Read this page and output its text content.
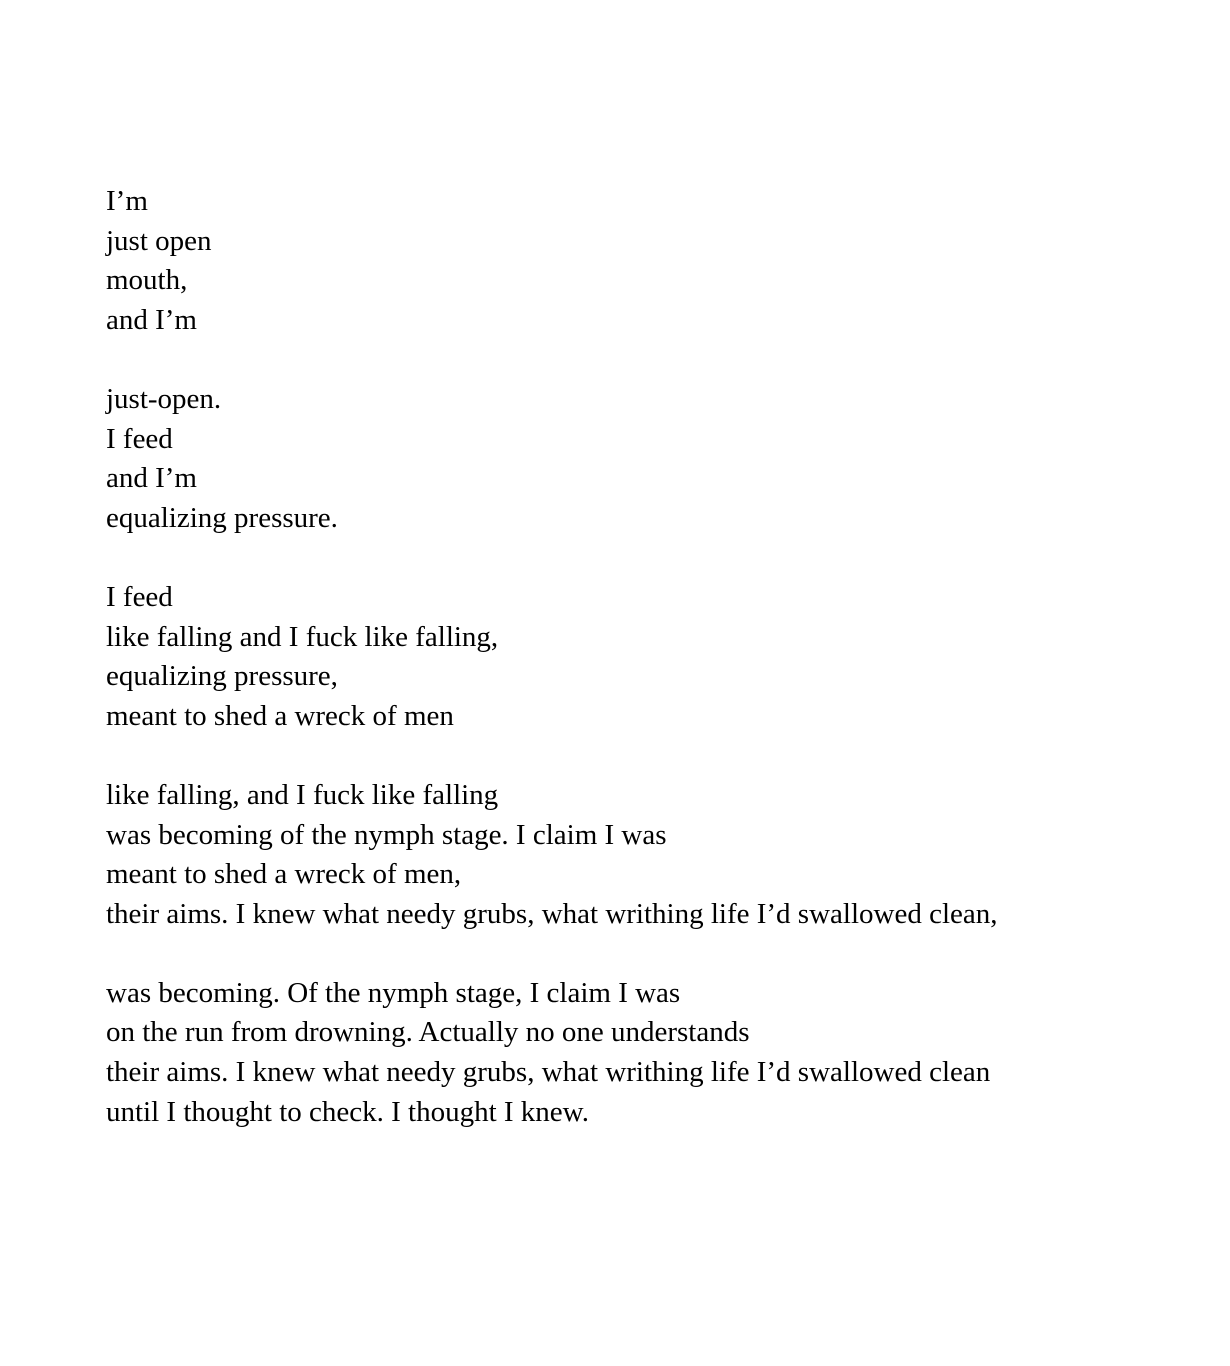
I’m
just open
mouth,
and I’m
just-open.
I feed
and I’m
equalizing pressure.
I feed
like falling and I fuck like falling,
equalizing pressure,
meant to shed a wreck of men
like falling, and I fuck like falling
was becoming of the nymph stage. I claim I was
meant to shed a wreck of men,
their aims. I knew what needy grubs, what writhing life I’d swallowed clean,
was becoming. Of the nymph stage, I claim I was
on the run from drowning. Actually no one understands
their aims. I knew what needy grubs, what writhing life I’d swallowed clean
until I thought to check. I thought I knew.
